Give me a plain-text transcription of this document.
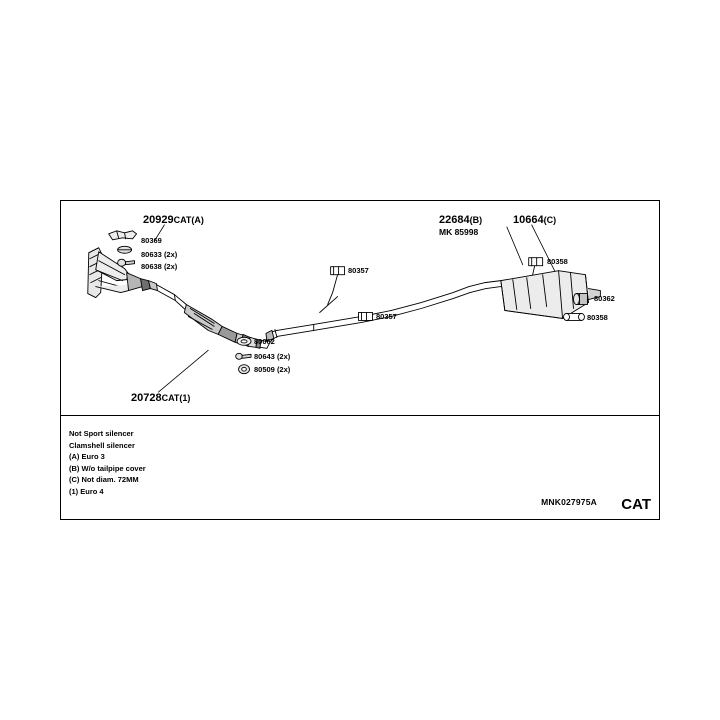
20929CAT(A)	22684(B)	10664(C)
20728CAT(1)
MK 85998
80369
80633 (2x)
80638 (2x)	80357
80357
80358
80362
80358
80062
80643 (2x)
80509 (2x)
Not Sport silencer
Clamshell silencer
(A) Euro 3
(B) W/o tailpipe cover
(C) Not diam. 72MM
(1) Euro 4
MNK027975A CAT
